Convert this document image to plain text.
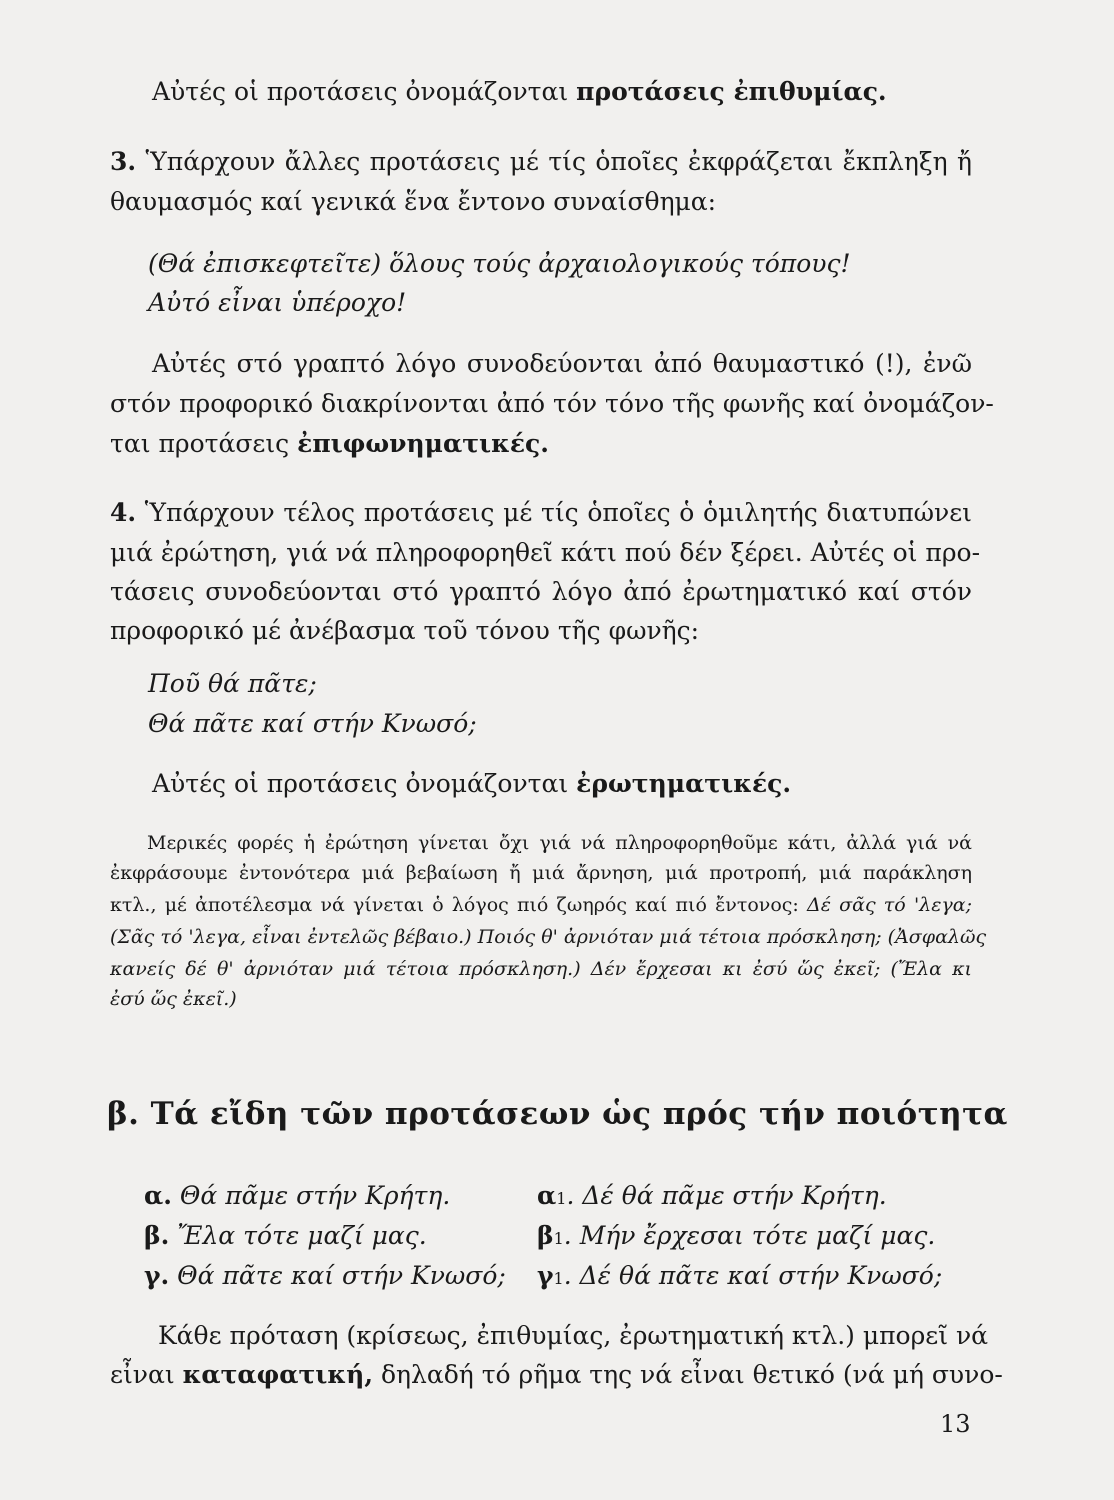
Αὐτές οἱ προτάσεις ὀνομάζονται προτάσεις ἐπιθυμίας.
3. Ὑπάρχουν ἄλλες προτάσεις μέ τίς ὁποῖες ἐκφράζεται ἔκπληξη ἤ
θαυμασμός καί γενικά ἕνα ἔντονο συναίσθημα:
(Θά ἐπισκεφτεῖτε) ὅλους τούς ἀρχαιολογικούς τόπους!
Αὐτό εἶναι ὑπέροχο!
Αὐτές στό γραπτό λόγο συνοδεύονται ἀπό θαυμαστικό (!), ἐνῶ
στόν προφορικό διακρίνονται ἀπό τόν τόνο τῆς φωνῆς καί ὀνομάζον-
ται προτάσεις ἐπιφωνηματικές.
4. Ὑπάρχουν τέλος προτάσεις μέ τίς ὁποῖες ὁ ὁμιλητής διατυπώνει
μιά ἐρώτηση, γιά νά πληροφορηθεῖ κάτι πού δέν ξέρει. Αὐτές οἱ προ-
τάσεις συνοδεύονται στό γραπτό λόγο ἀπό ἐρωτηματικό καί στόν
προφορικό μέ ἀνέβασμα τοῦ τόνου τῆς φωνῆς:
Ποῦ θά πᾶτε;
Θά πᾶτε καί στήν Κνωσό;
Αὐτές οἱ προτάσεις ὀνομάζονται ἐρωτηματικές.
Μερικές φορές ἡ ἐρώτηση γίνεται ὄχι γιά νά πληροφορηθοῦμε κάτι, ἀλλά γιά νά
ἐκφράσουμε ἐντονότερα μιά βεβαίωση ἤ μιά ἄρνηση, μιά προτροπή, μιά παράκληση
κτλ., μέ ἀποτέλεσμα νά γίνεται ὁ λόγος πιό ζωηρός καί πιό ἔντονος: Δέ σᾶς τό 'λεγα;
(Σᾶς τό 'λεγα, εἶναι ἐντελῶς βέβαιο.) Ποιός θ' ἀρνιόταν μιά τέτοια πρόσκληση; (Ἀσφαλῶς
κανείς δέ θ' ἀρνιόταν μιά τέτοια πρόσκληση.) Δέν ἔρχεσαι κι ἐσύ ὥς ἐκεῖ; (Ἔλα κι
ἐσύ ὥς ἐκεῖ.)
β. Τά εἴδη τῶν προτάσεων ὡς πρός τήν ποιότητα
α. Θά πᾶμε στήν Κρήτη.
β. Ἔλα τότε μαζί μας.
γ. Θά πᾶτε καί στήν Κνωσό;
α1. Δέ θά πᾶμε στήν Κρήτη.
β1. Μήν ἔρχεσαι τότε μαζί μας.
γ1. Δέ θά πᾶτε καί στήν Κνωσό;
Κάθε πρόταση (κρίσεως, ἐπιθυμίας, ἐρωτηματική κτλ.) μπορεῖ νά
εἶναι καταφατική, δηλαδή τό ρῆμα της νά εἶναι θετικό (νά μή συνο-
13
